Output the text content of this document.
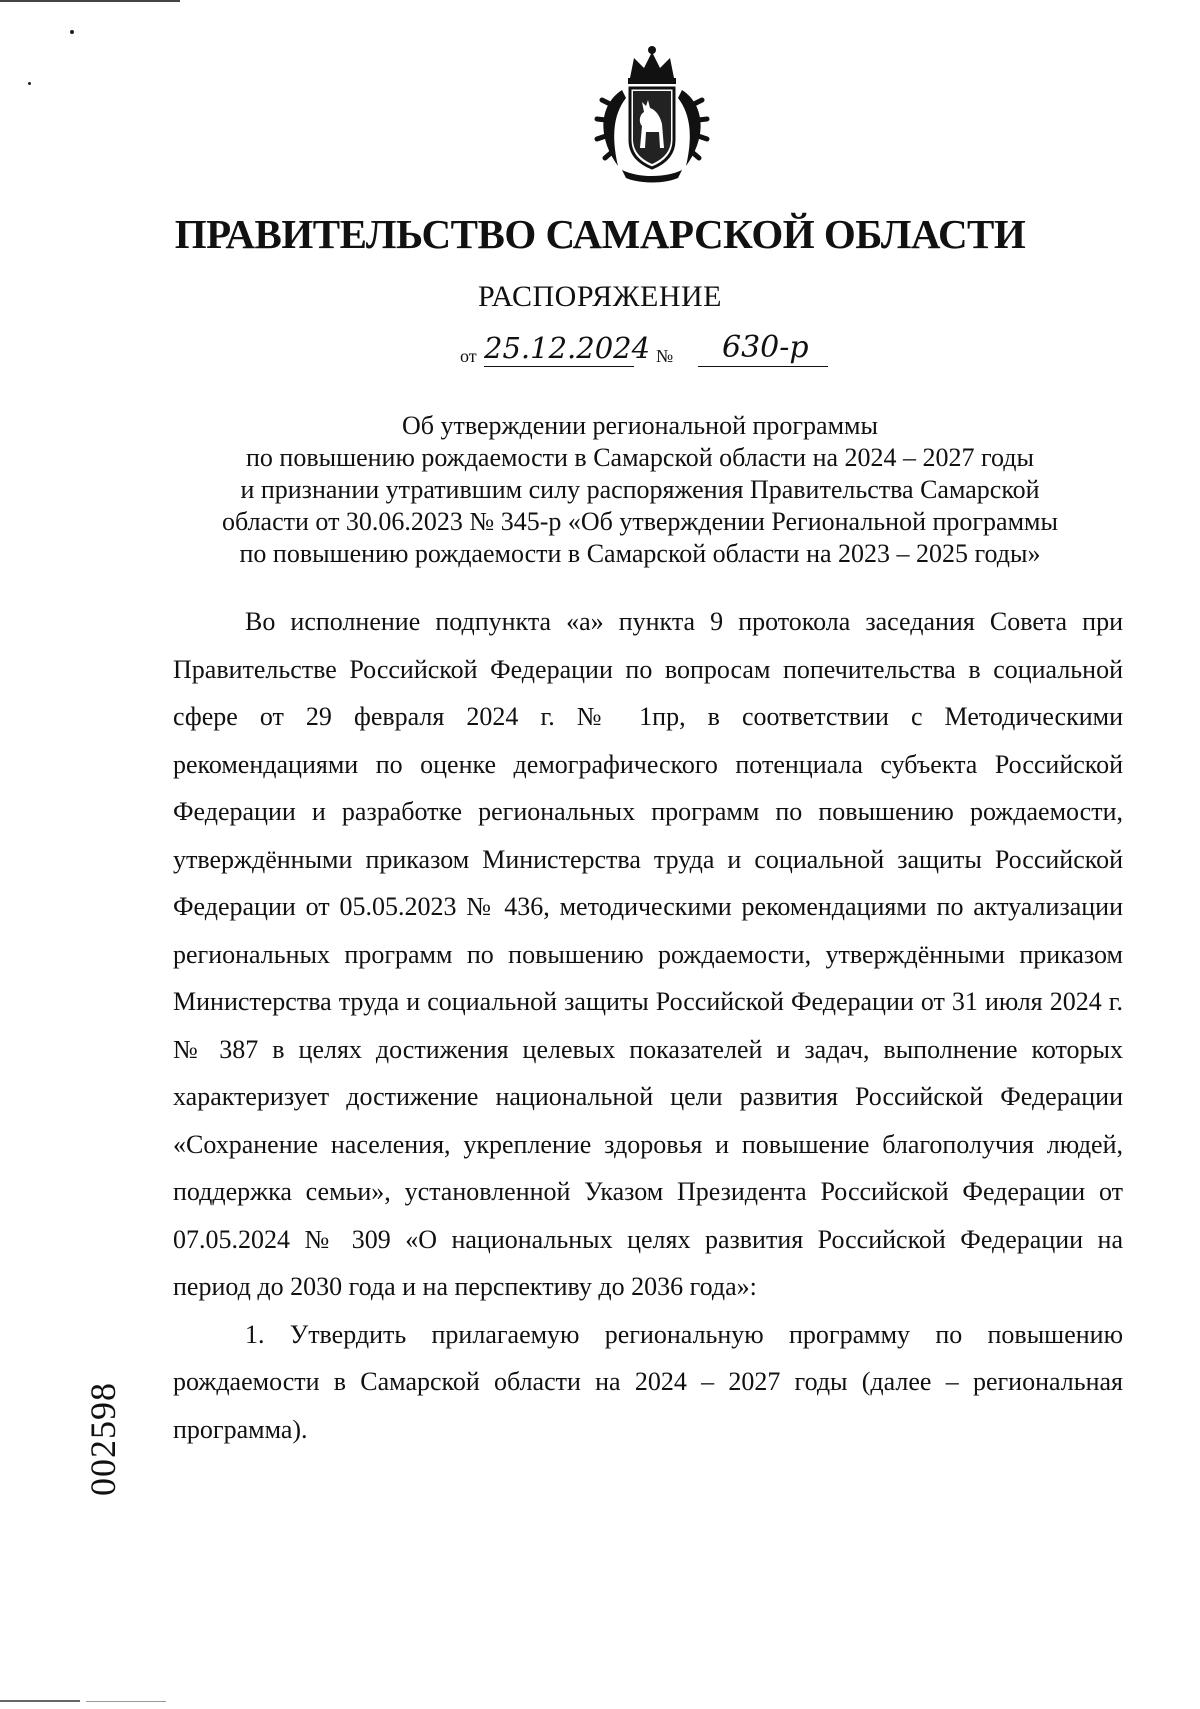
ПРАВИТЕЛЬСТВО САМАРСКОЙ ОБЛАСТИ
РАСПОРЯЖЕНИЕ
от 25.12.2024 №	630-р
Об утверждении региональной программы
по повышению рождаемости в Самарской области на 2024 – 2027 годы
и признании утратившим силу распоряжения Правительства Самарской
области от 30.06.2023 № 345-р «Об утверждении Региональной программы
по повышению рождаемости в Самарской области на 2023 – 2025 годы»

Во исполнение подпункта «а» пункта 9 протокола заседания Совета при Правительстве Российской Федерации по вопросам попечительства в социальной сфере от 29 февраля 2024 г. № 1пр, в соответствии с Методическими рекомендациями по оценке демографического потенциала субъекта Российской Федерации и разработке региональных программ по повышению рождаемости, утверждёнными приказом Министерства труда и социальной защиты Российской Федерации от 05.05.2023 № 436, методическими рекомендациями по актуализации региональных программ по повышению рождаемости, утверждёнными приказом Министерства труда и социальной защиты Российской Федерации от 31 июля 2024 г. № 387 в целях достижения целевых показателей и задач, выполнение которых характеризует достижение национальной цели развития Российской Федерации «Сохранение населения, укрепление здоровья и повышение благополучия людей, поддержка семьи», установленной Указом Президента Российской Федерации от 07.05.2024 № 309 «О национальных целях развития Российской Федерации на период до 2030 года и на перспективу до 2036 года»:

1. Утвердить прилагаемую региональную программу по повышению рождаемости в Самарской области на 2024 – 2027 годы (далее – региональная программа).

002598
